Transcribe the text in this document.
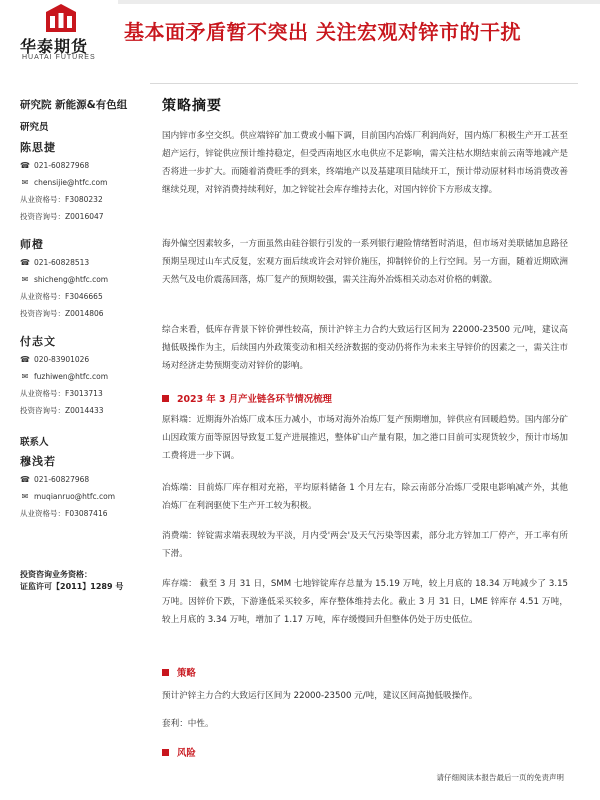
华泰期货
HUATAI FUTURES
基本面矛盾暂不突出 关注宏观对锌市的干扰
研究院 新能源&有色组
研究员
陈思捷
☎ 021-60827968
✉ chensijie@htfc.com
从业资格号：F3080232
投资咨询号：Z0016047
师橙
☎ 021-60828513
✉ shicheng@htfc.com
从业资格号：F3046665
投资咨询号：Z0014806
付志文
☎ 020-83901026
✉ fuzhiwen@htfc.com
从业资格号：F3013713
投资咨询号：Z0014433
联系人
穆浅若
☎ 021-60827968
✉ muqianruo@htfc.com
从业资格号：F03087416
投资咨询业务资格：
证监许可【2011】1289 号
策略摘要
国内锌市多空交织。供应端锌矿加工费或小幅下调，目前国内冶炼厂利润尚好，国内炼厂积极生产开工甚至超产运行，锌锭供应预计维持稳定，但受西南地区水电供应不足影响，需关注枯水期结束前云南等地减产是否将进一步扩大。而随着消费旺季的到来，终端地产以及基建项目陆续开工，预计带动原材料市场消费改善继续兑现，对锌消费持续利好，加之锌锭社会库存维持去化，对国内锌价下方形成支撑。
海外偏空因素较多，一方面虽然由硅谷银行引发的一系列银行避险情绪暂时消退，但市场对美联储加息路径预期呈现过山车式反复，宏观方面后续或许会对锌价施压，抑制锌价的上行空间。另一方面，随着近期欧洲天然气及电价震荡回落，炼厂复产的预期较强，需关注海外冶炼相关动态对价格的刺激。
综合来看，低库存背景下锌价弹性较高，预计沪锌主力合约大致运行区间为 22000-23500 元/吨，建议高抛低吸操作为主，后续国内外政策变动和相关经济数据的变动仍将作为未来主导锌价的因素之一，需关注市场对经济走势预期变动对锌价的影响。
2023 年 3 月产业链各环节情况梳理
原料端：近期海外冶炼厂成本压力减小，市场对海外冶炼厂复产预期增加，锌供应有回暖趋势。国内部分矿山因政策方面等原因导致复工复产进展推迟，整体矿山产量有限，加之港口目前可实现货较少，预计市场加工费将进一步下调。
冶炼端：目前炼厂库存相对充裕，平均原料储备 1 个月左右，除云南部分冶炼厂受限电影响减产外，其他冶炼厂在利润驱使下生产开工较为积极。
消费端：锌锭需求端表现较为平淡，月内受'两会'及天气污染等因素，部分北方锌加工厂停产，开工率有所下滑。
库存端： 截至 3 月 31 日，SMM 七地锌锭库存总量为 15.19 万吨，较上月底的 18.34 万吨减少了 3.15 万吨。因锌价下跌，下游逢低采买较多，库存整体维持去化。截止 3 月 31 日，LME 锌库存 4.51 万吨，较上月底的 3.34 万吨，增加了 1.17 万吨，库存缓慢回升但整体仍处于历史低位。
策略
预计沪锌主力合约大致运行区间为 22000-23500 元/吨，建议区间高抛低吸操作。
套利：中性。
风险
请仔细阅读本报告最后一页的免责声明
